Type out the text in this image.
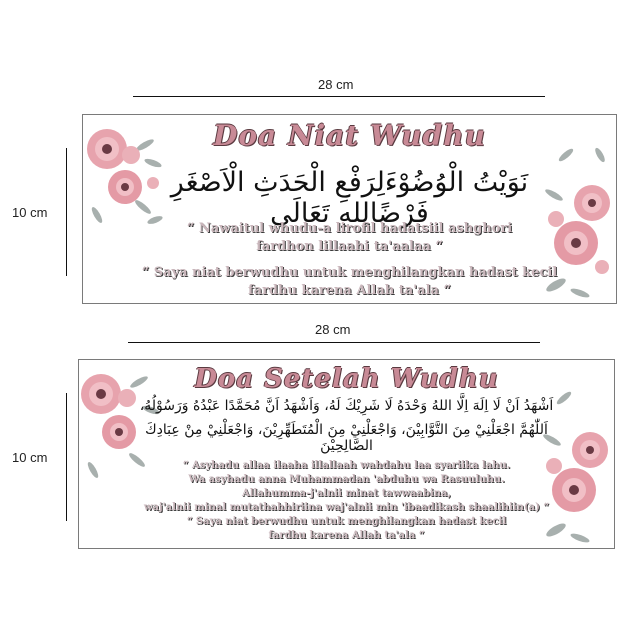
28 cm
10 cm
Doa Niat Wudhu
نَوَيْتُ الْوُضُوْءَلِرَفْعِ الْحَدَثِ الْاَصْغَرِ فَرْضًالِلهِ تَعَالَى
“ Nawaitul whudu-a lirofil hadatsiil ashghori
fardhon lillaahi ta'aalaa “
“ Saya niat berwudhu untuk menghilangkan hadast kecil
fardhu karena Allah ta'ala “
28 cm
10 cm
Doa Setelah Wudhu
اَشْهَدُ اَنْ لَا اِلَهَ اِلَّا اللهُ وَحْدَهُ لَا شَرِيْكَ لَهُ، وَاَشْهَدُ اَنَّ مُحَمَّدًا عَبْدُهُ وَرَسُوْلُهُ،
اَللّٰهُمَّ اجْعَلْنِيْ مِنَ التَّوَّابِيْنَ، وَاجْعَلْنِيْ مِنَ الْمُتَطَهِّرِيْنَ، وَاجْعَلْنِيْ مِنْ عِبَادِكَ الصَّالِحِيْنَ
“ Asyhadu allaa ilaaha illallaah wahdahu laa syariika lahu.
Wa asyhadu anna Muhammadan 'abduhu wa Rasuuluhu.
Allahumma-j'alnii minat tawwaabina,
waj'alnii minal mutathahhiriina waj'alnii min 'ibaadikash shaalihiin(a) “
“ Saya niat berwudhu untuk menghilangkan hadast kecil
fardhu karena Allah ta'ala “
